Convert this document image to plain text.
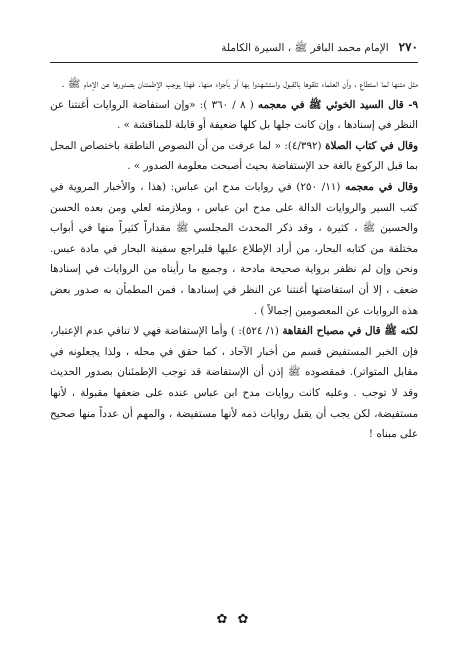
٢٧٠
الإمام محمد الباقر ﷺ ، السيرة الكاملة

مثل متنها لما استطاع ، وأن العلماء تلقوها بالقبول واستشهدوا بها أو بأجزاء منها. فهذا يوجب الإطمئنان بصدورها عن الإمام ﷺ .

٩- قال السيد الخوئي ﷺ في معجمه ( ٨ / ٣٦٠ ): «وإن استفاضة الروايات أغنتنا عن النظر في إسنادها ، وإن كانت جلها بل كلها ضعيفة أو قابلة للمناقشة » .

وقال في كتاب الصلاة (٤/٣٩٢): « لما عرفت من أن النصوص الناطقة باختصاص المحل بما قبل الركوع بالغة حد الإستفاضة بحيث أصبحت معلومة الصدور » .

وقال في معجمه (١١/ ٢٥٠) في روايات مدح ابن عباس: (هذا ، والأخبار المروية في كتب السير والروايات الدالة على مدح ابن عباس ، وملازمته لعلي ومن بعده الحسن والحسين ﷺ ، كثيرة ، وقد ذكر المحدث المجلسي ﷺ مقداراً كثيراً منها في أبواب مختلفة من كتابه البحار، من أراد الإطلاع عليها فليراجع سفينة البحار في مادة عبس. ونحن وإن لم نظفر برواية صحيحة مادحة ، وجميع ما رأيناه من الروايات في إسنادها ضعف ، إلا أن استفاضتها أغنتنا عن النظر في إسنادها ، فمن المطمأن به صدور بعض هذه الروايات عن المعصومين إجمالاً ) .

لكنه ﷺ قال في مصباح الفقاهة (١/ ٥٢٤): ) وأما الإستفاضة فهي لا تنافي عدم الإعتبار، فإن الخبر المستفيض قسم من أخبار الآحاد ، كما حقق في محله ، ولذا يجعلونه في مقابل المتواتر). فمقصوده ﷺ إذن أن الإستفاضة قد توجب الإطمئنان بصدور الحديث وقد لا توجب . وعليه كانت روايات مدح ابن عباس عنده على ضعفها مقبولة ، لأنها مستفيضة، لكن يجب أن يقبل روايات ذمه لأنها مستفيضة ، والمهم أن عدداً منها صحيح على مبناه !

✿ ✿
